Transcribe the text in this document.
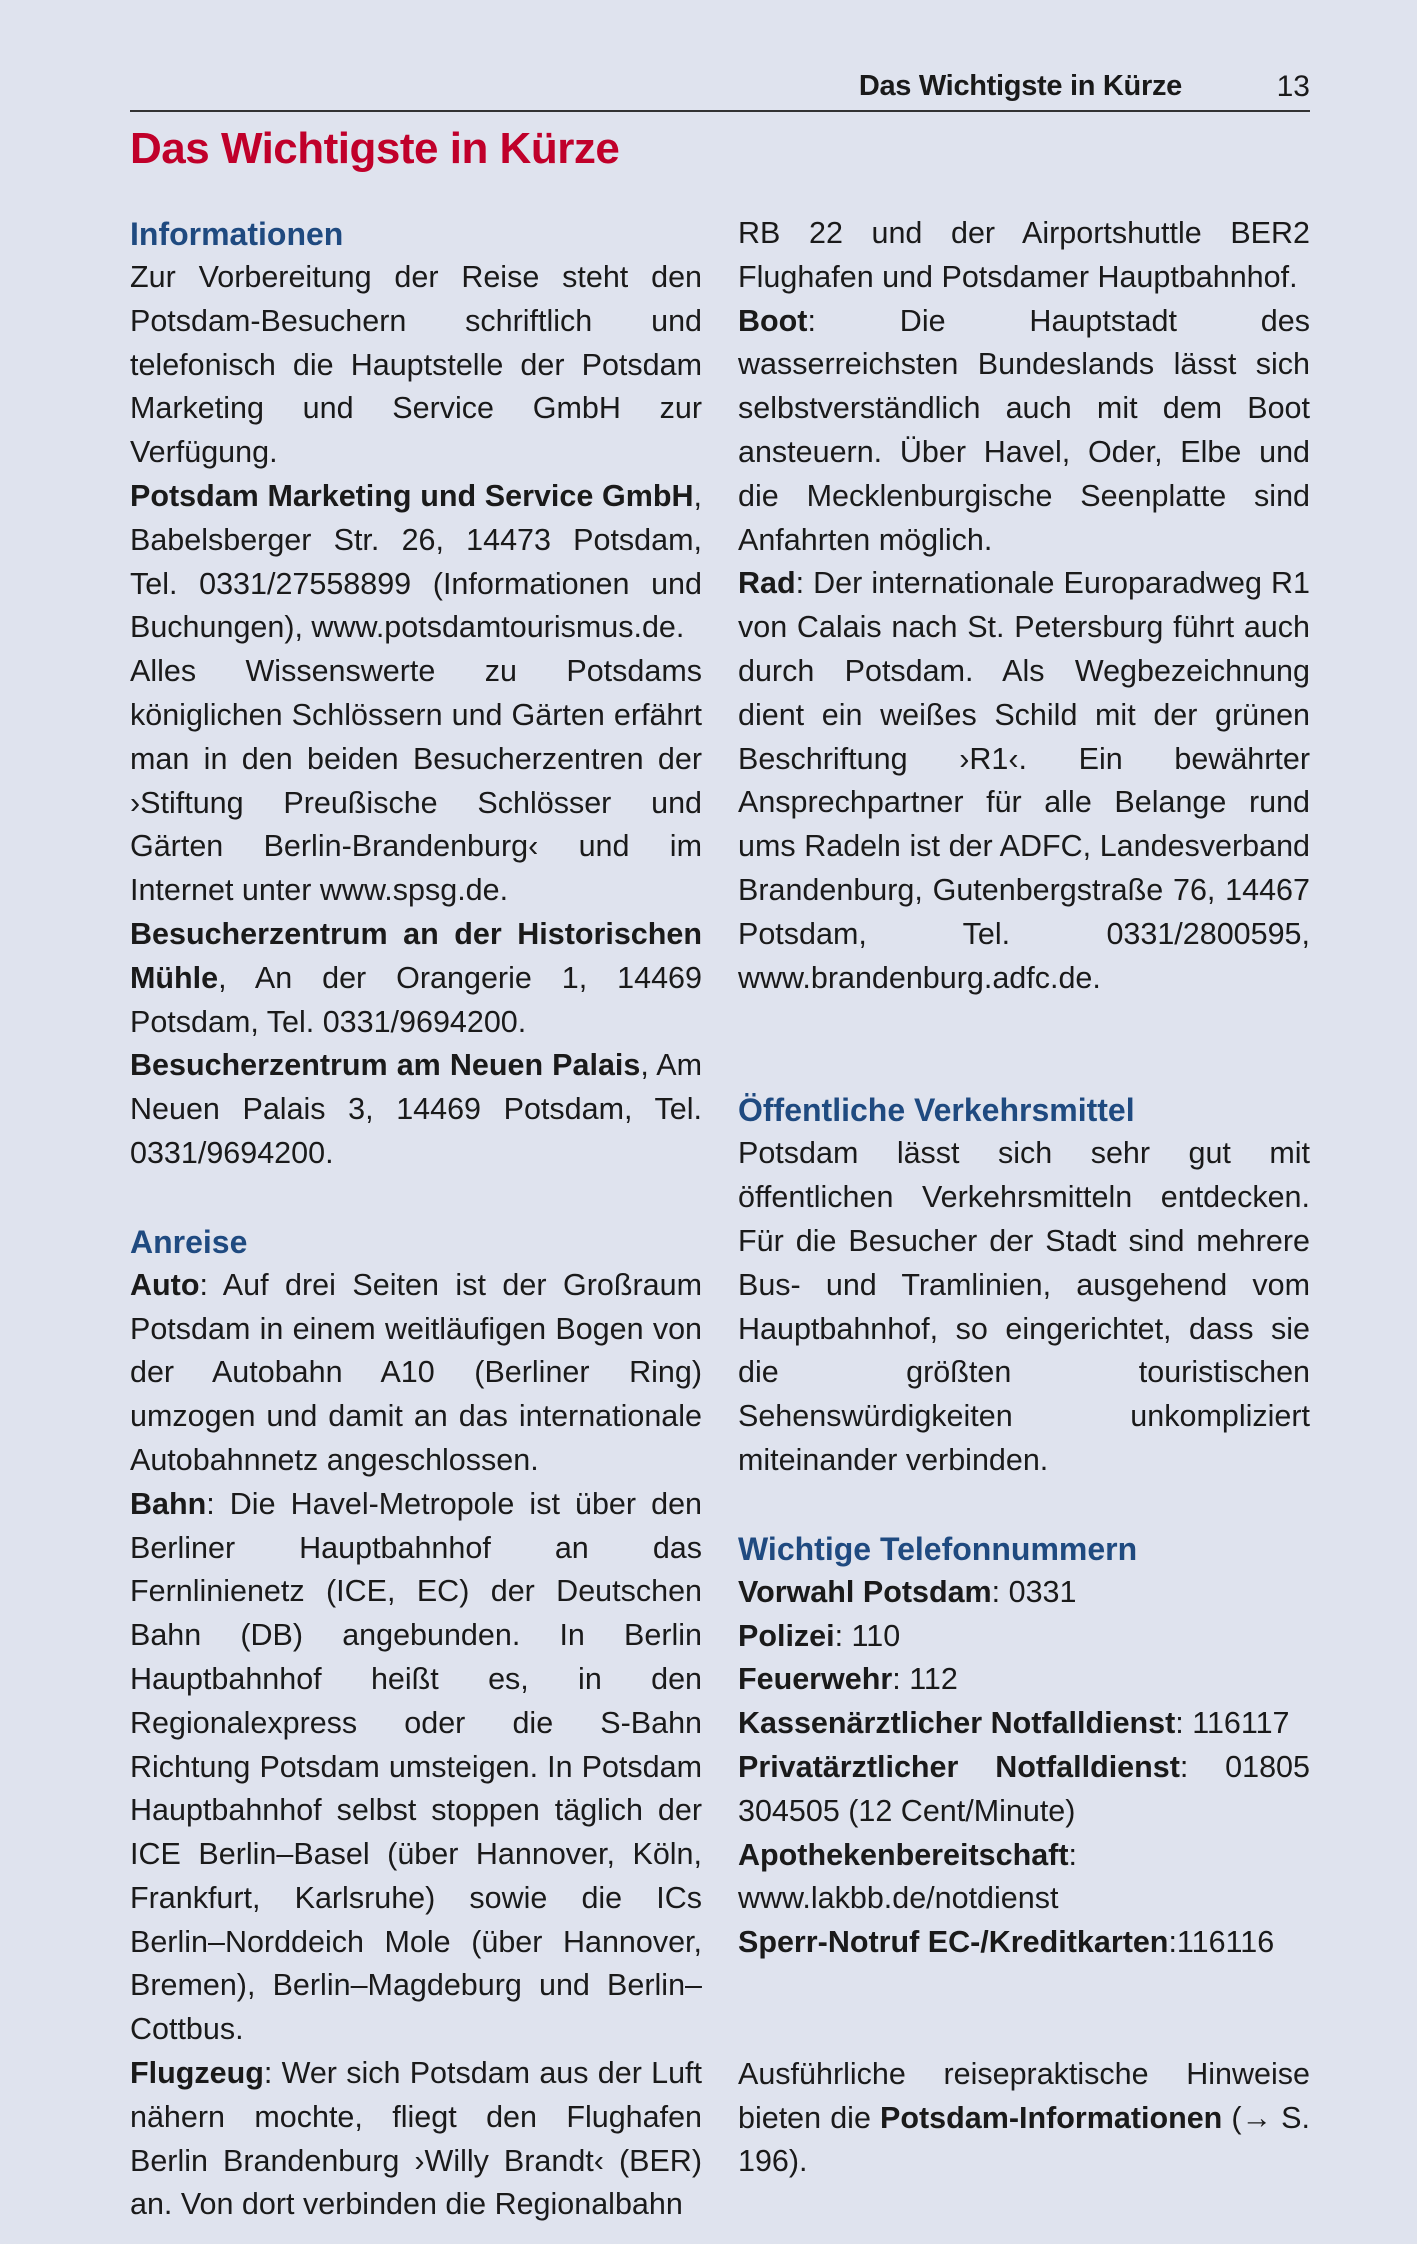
Das Wichtigste in Kürze	13
Das Wichtigste in Kürze
Informationen

Zur Vorbereitung der Reise steht den Potsdam-Besuchern schriftlich und telefonisch die Hauptstelle der Potsdam Marketing und Service GmbH zur Verfügung.

Potsdam Marketing und Service GmbH, Babelsberger Str. 26, 14473 Potsdam, Tel. 0331/27558899 (Informationen und Buchungen), www.potsdamtourismus.de.

Alles Wissenswerte zu Potsdams königlichen Schlössern und Gärten erfährt man in den beiden Besucherzentren der ›Stiftung Preußische Schlösser und Gärten Berlin-Brandenburg‹ und im Internet unter www.spsg.de.

Besucherzentrum an der Historischen Mühle, An der Orangerie 1, 14469 Potsdam, Tel. 0331/9694200.

Besucherzentrum am Neuen Palais, Am Neuen Palais 3, 14469 Potsdam, Tel. 0331/9694200.

Anreise

Auto: Auf drei Seiten ist der Großraum Potsdam in einem weitläufigen Bogen von der Autobahn A10 (Berliner Ring) umzogen und damit an das internationale Autobahnnetz angeschlossen.

Bahn: Die Havel-Metropole ist über den Berliner Hauptbahnhof an das Fernlinienetz (ICE, EC) der Deutschen Bahn (DB) angebunden. In Berlin Hauptbahnhof heißt es, in den Regionalexpress oder die S-Bahn Richtung Potsdam umsteigen. In Potsdam Hauptbahnhof selbst stoppen täglich der ICE Berlin–Basel (über Hannover, Köln, Frankfurt, Karlsruhe) sowie die ICs Berlin–Norddeich Mole (über Hannover, Bremen), Berlin–Magdeburg und Berlin–Cottbus.

Flugzeug: Wer sich Potsdam aus der Luft nähern mochte, fliegt den Flughafen Berlin Brandenburg ›Willy Brandt‹ (BER) an. Von dort verbinden die Regionalbahn

RB 22 und der Airportshuttle BER2 Flughafen und Potsdamer Hauptbahnhof.

Boot: Die Hauptstadt des wasserreichsten Bundeslands lässt sich selbstverständlich auch mit dem Boot ansteuern. Über Havel, Oder, Elbe und die Mecklenburgische Seenplatte sind Anfahrten möglich.

Rad: Der internationale Europaradweg R1 von Calais nach St. Petersburg führt auch durch Potsdam. Als Wegbezeichnung dient ein weißes Schild mit der grünen Beschriftung ›R1‹. Ein bewährter Ansprechpartner für alle Belange rund ums Radeln ist der ADFC, Landesverband Brandenburg, Gutenbergstraße 76, 14467 Potsdam, Tel. 0331/2800595, www.brandenburg.adfc.de.

Öffentliche Verkehrsmittel

Potsdam lässt sich sehr gut mit öffentlichen Verkehrsmitteln entdecken. Für die Besucher der Stadt sind mehrere Bus- und Tramlinien, ausgehend vom Hauptbahnhof, so eingerichtet, dass sie die größten touristischen Sehenswürdigkeiten unkompliziert miteinander verbinden.

Wichtige Telefonnummern

Vorwahl Potsdam: 0331

Polizei: 110

Feuerwehr: 112

Kassenärztlicher Notfalldienst: 116117

Privatärztlicher Notfalldienst: 01805 304505 (12 Cent/Minute)

Apothekenbereitschaft: www.lakbb.de/notdienst

Sperr-Notruf EC-/Kreditkarten:116116

Ausführliche reisepraktische Hinweise bieten die Potsdam-Informationen (→ S. 196).
